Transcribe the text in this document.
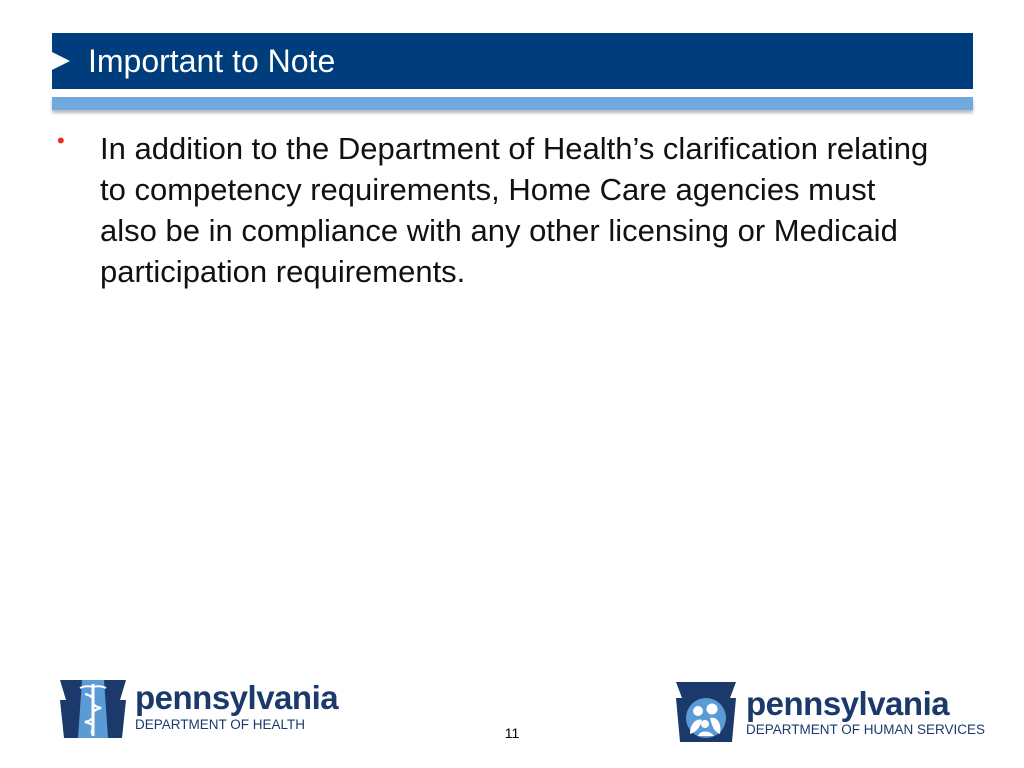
Important to Note
• In addition to the Department of Health’s clarification relating to competency requirements, Home Care agencies must also be in compliance with any other licensing or Medicaid participation requirements.
pennsylvania
DEPARTMENT OF HEALTH
11
pennsylvania
DEPARTMENT OF HUMAN SERVICES
